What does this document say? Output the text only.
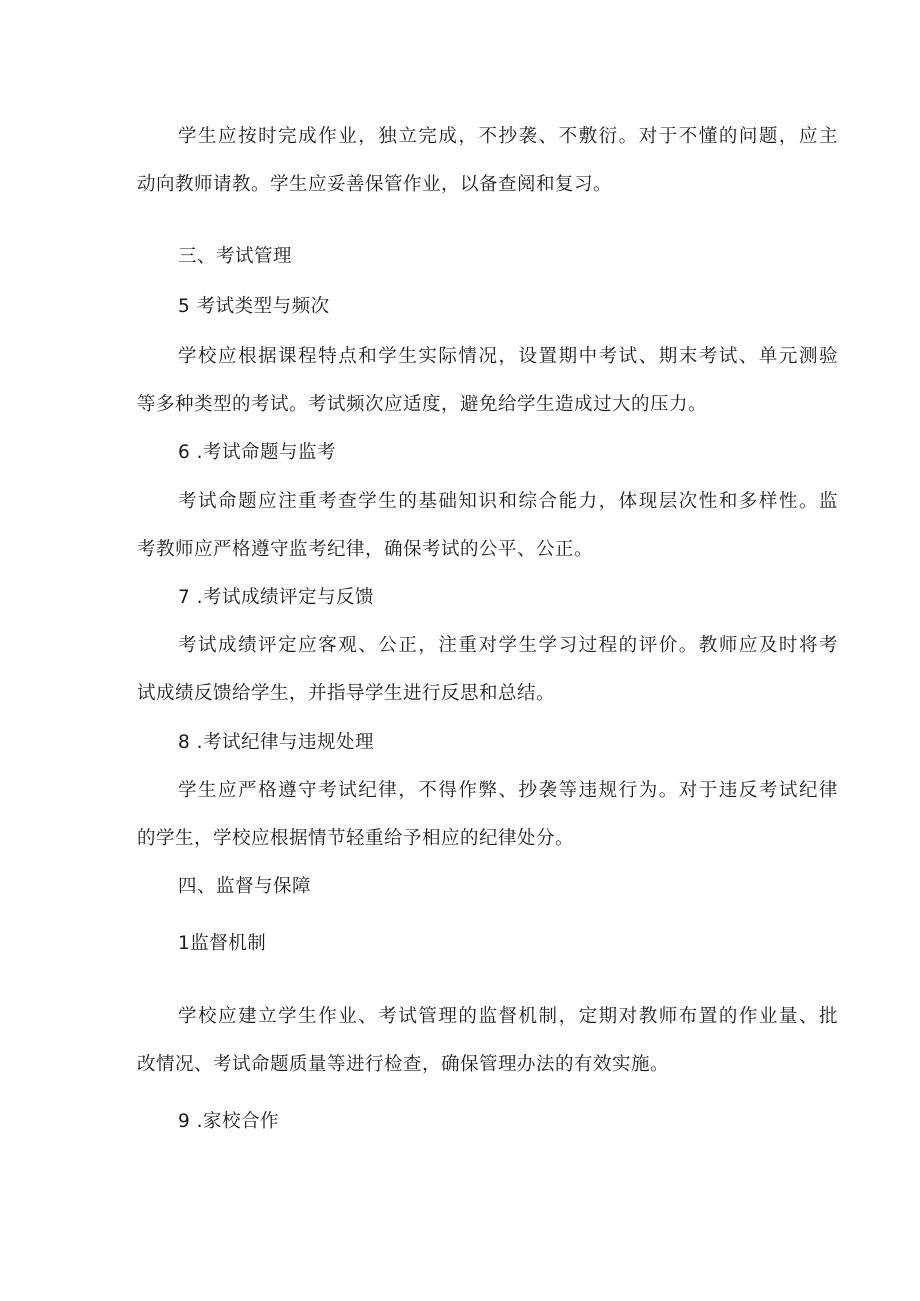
学生应按时完成作业，独立完成，不抄袭、不敷衍。对于不懂的问题，应主
动向教师请教。学生应妥善保管作业，以备查阅和复习。
三、考试管理
5 考试类型与频次
学校应根据课程特点和学生实际情况，设置期中考试、期末考试、单元测验
等多种类型的考试。考试频次应适度，避免给学生造成过大的压力。
6 .考试命题与监考
考试命题应注重考查学生的基础知识和综合能力，体现层次性和多样性。监
考教师应严格遵守监考纪律，确保考试的公平、公正。
7 .考试成绩评定与反馈
考试成绩评定应客观、公正，注重对学生学习过程的评价。教师应及时将考
试成绩反馈给学生，并指导学生进行反思和总结。
8 .考试纪律与违规处理
学生应严格遵守考试纪律，不得作弊、抄袭等违规行为。对于违反考试纪律
的学生，学校应根据情节轻重给予相应的纪律处分。
四、监督与保障
1监督机制
学校应建立学生作业、考试管理的监督机制，定期对教师布置的作业量、批
改情况、考试命题质量等进行检查，确保管理办法的有效实施。
9 .家校合作
